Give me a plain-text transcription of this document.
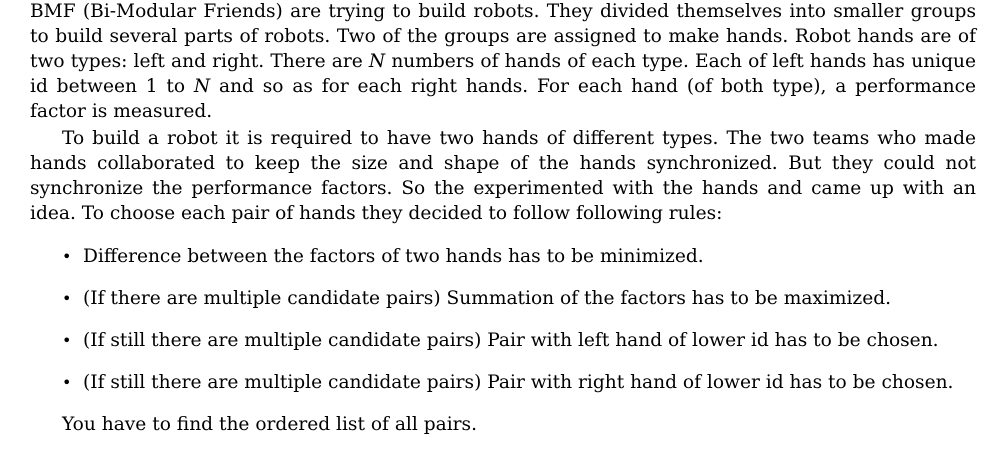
BMF (Bi-Modular Friends) are trying to build robots. They divided themselves into smaller groups to build several parts of robots. Two of the groups are assigned to make hands. Robot hands are of two types: left and right. There are N numbers of hands of each type. Each of left hands has unique id between 1 to N and so as for each right hands. For each hand (of both type), a performance factor is measured.

To build a robot it is required to have two hands of different types. The two teams who made hands collaborated to keep the size and shape of the hands synchronized. But they could not synchronize the performance factors. So the experimented with the hands and came up with an idea. To choose each pair of hands they decided to follow following rules:

• Difference between the factors of two hands has to be minimized.
• (If there are multiple candidate pairs) Summation of the factors has to be maximized.
• (If still there are multiple candidate pairs) Pair with left hand of lower id has to be chosen.
• (If still there are multiple candidate pairs) Pair with right hand of lower id has to be chosen.

You have to find the ordered list of all pairs.
